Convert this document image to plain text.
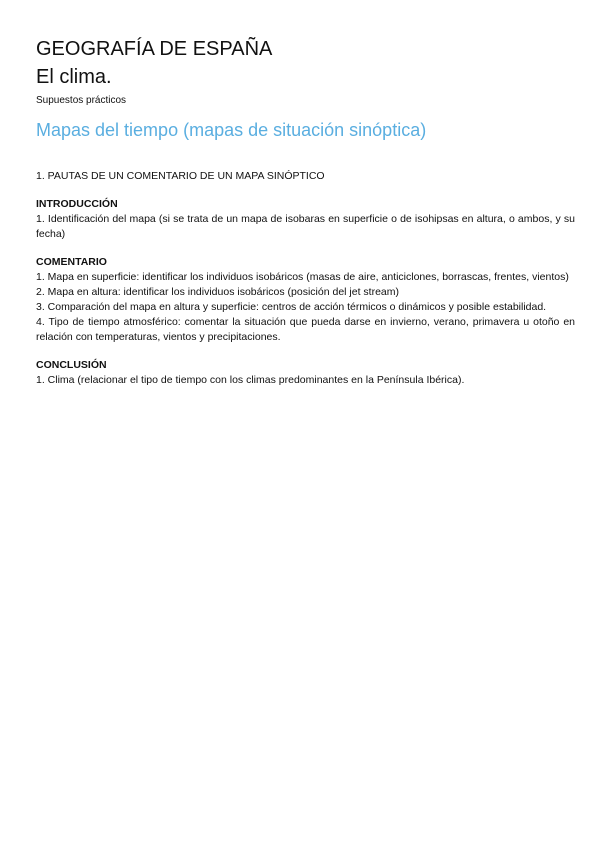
GEOGRAFÍA DE ESPAÑA
El clima.
Supuestos prácticos
Mapas del tiempo (mapas de situación sinóptica)

1. PAUTAS DE UN COMENTARIO DE UN MAPA SINÓPTICO

INTRODUCCIÓN

1. Identificación del mapa (si se trata de un mapa de isobaras en superficie o de isohipsas en altura, o ambos, y su fecha)

COMENTARIO

1. Mapa en superficie: identificar los individuos isobáricos (masas de aire, anticiclones, borrascas, frentes, vientos)

2. Mapa en altura: identificar los individuos isobáricos (posición del jet stream)

3. Comparación del mapa en altura y superficie: centros de acción térmicos o dinámicos y posible estabilidad.

4. Tipo de tiempo atmosférico: comentar la situación que pueda darse en invierno, verano, primavera u otoño en relación con temperaturas, vientos y precipitaciones.

CONCLUSIÓN

1. Clima (relacionar el tipo de tiempo con los climas predominantes en la Península Ibérica).
